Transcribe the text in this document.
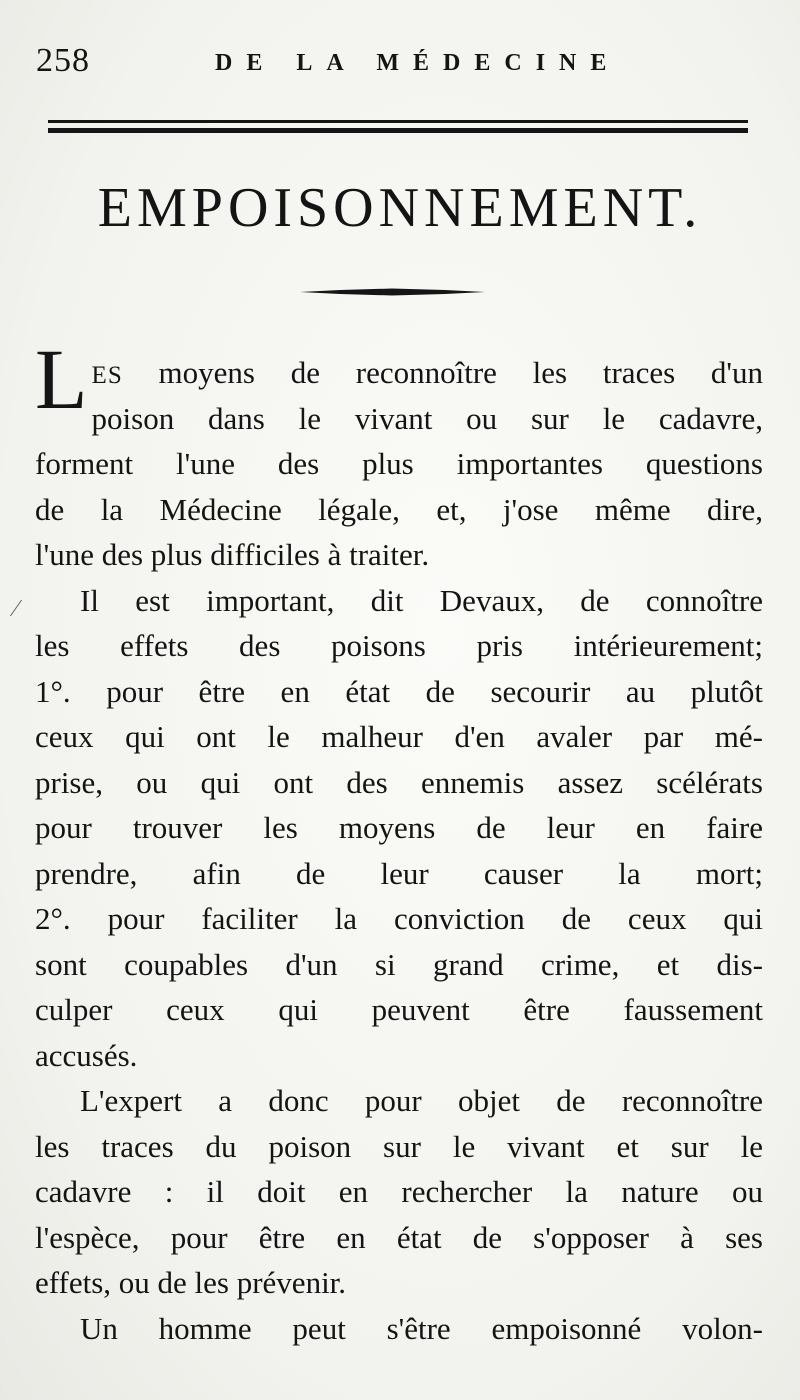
258	DE LA MÉDECINE
EMPOISONNEMENT.
L ES moyens de reconnoître les traces d'un
poison dans le vivant ou sur le cadavre,
forment l'une des plus importantes questions
de la Médecine légale, et, j'ose même dire,
l'une des plus difficiles à traiter.
Il est important, dit Devaux, de connoître
les effets des poisons pris intérieurement;
1°. pour être en état de secourir au plutôt
ceux qui ont le malheur d'en avaler par mé-
prise, ou qui ont des ennemis assez scélérats
pour trouver les moyens de leur en faire
prendre, afin de leur causer la mort;
2°. pour faciliter la conviction de ceux qui
sont coupables d'un si grand crime, et dis-
culper ceux qui peuvent être faussement
accusés.
L'expert a donc pour objet de reconnoître
les traces du poison sur le vivant et sur le
cadavre : il doit en rechercher la nature ou
l'espèce, pour être en état de s'opposer à ses
effets, ou de les prévenir.
Un homme peut s'être empoisonné volon-
⁄
